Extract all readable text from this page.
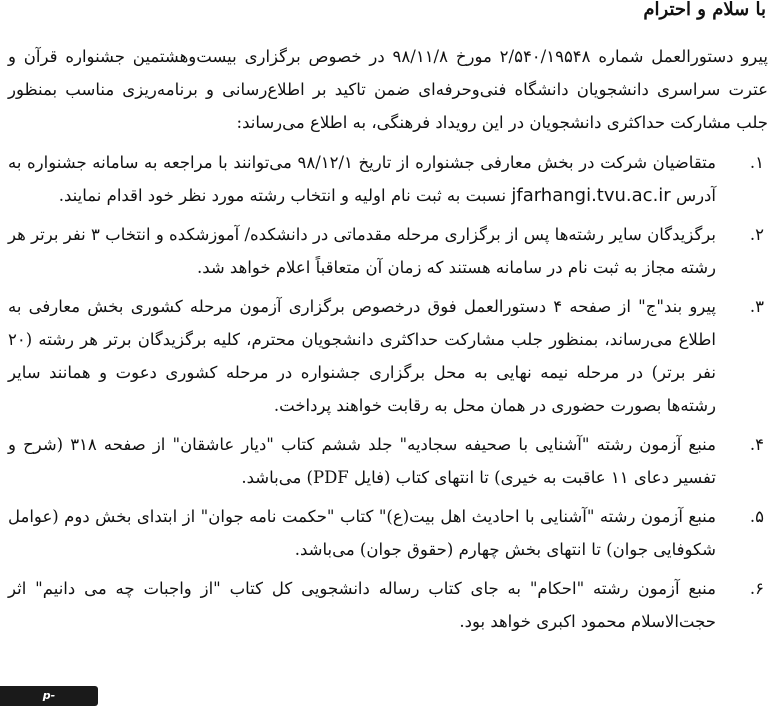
با سلام و احترام

پیرو دستورالعمل شماره ۲/۵۴۰/۱۹۵۴۸ مورخ ۹۸/۱۱/۸ در خصوص برگزاری بیست‌وهشتمین جشنواره قرآن و عترت سراسری دانشجویان دانشگاه فنی‌وحرفه‌ای ضمن تاکید بر اطلاع‌رسانی و برنامه‌ریزی مناسب بمنظور جلب مشارکت حداکثری دانشجویان در این رویداد فرهنگی، به اطلاع می‌رساند:

۱.
متقاضیان شرکت در بخش معارفی جشنواره از تاریخ ۹۸/۱۲/۱ می‌توانند با مراجعه به سامانه جشنواره به آدرس jfarhangi.tvu.ac.ir نسبت به ثبت نام اولیه و انتخاب رشته مورد نظر خود اقدام نمایند.
۲.
برگزیدگان سایر رشته‌ها پس از برگزاری مرحله مقدماتی در دانشکده/ آموزشکده و انتخاب ۳ نفر برتر هر رشته مجاز به ثبت نام در سامانه هستند که زمان آن متعاقباً اعلام خواهد شد.
۳.
پیرو بند"ج" از صفحه ۴ دستورالعمل فوق درخصوص برگزاری آزمون مرحله کشوری بخش معارفی به اطلاع می‌رساند، بمنظور جلب مشارکت حداکثری دانشجویان محترم، کلیه برگزیدگان برتر هر رشته (۲۰ نفر برتر) در مرحله نیمه نهایی به محل برگزاری جشنواره در مرحله کشوری دعوت و همانند سایر رشته‌ها بصورت حضوری در همان محل به رقابت خواهند پرداخت.
۴.
منبع آزمون رشته "آشنایی با صحیفه سجادیه" جلد ششم کتاب "دیار عاشقان" از صفحه ۳۱۸ (شرح و تفسیر دعای ۱۱ عاقبت به خیری) تا انتهای کتاب (فایل PDF) می‌باشد.
۵.
منبع آزمون رشته "آشنایی با احادیث اهل بیت(ع)" کتاب "حکمت نامه جوان" از ابتدای بخش دوم (عوامل شکوفایی جوان) تا انتهای بخش چهارم (حقوق جوان) می‌باشد.
۶.
منبع آزمون رشته "احکام" به جای کتاب رساله دانشجویی کل کتاب "از واجبات چه می دانیم" اثر حجت‌الاسلام محمود اکبری خواهد بود.
p-babol.tvu.ac.ir
